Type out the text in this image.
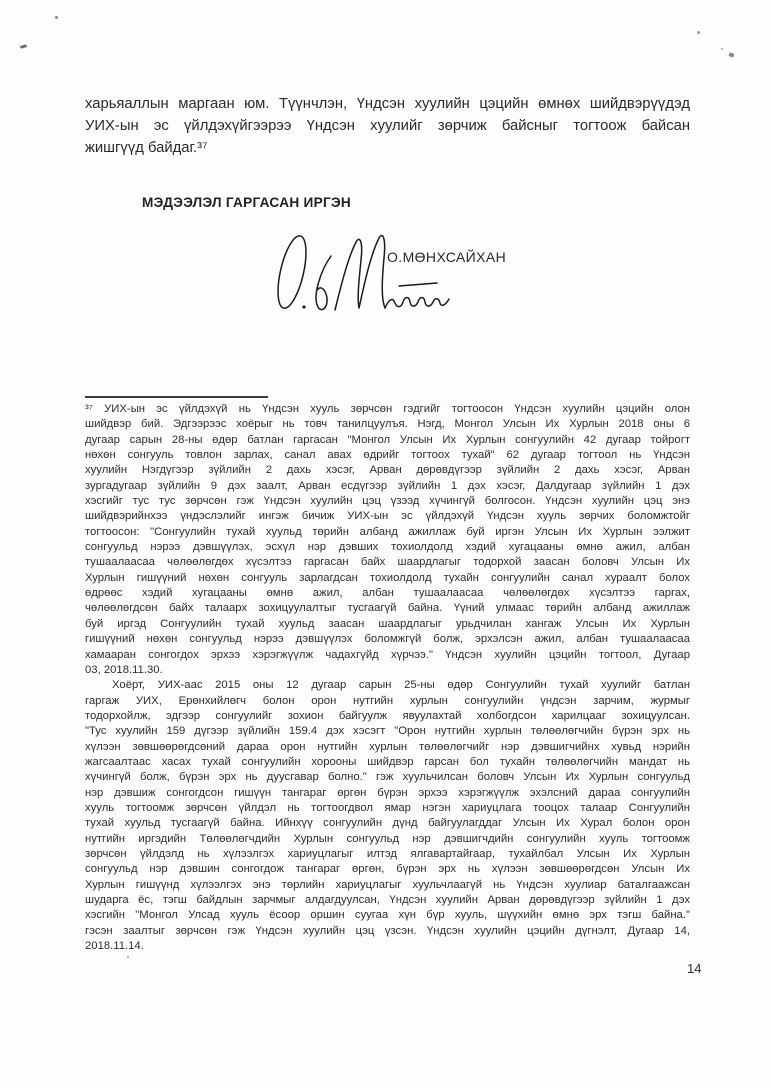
харьяаллын маргаан юм. Түүнчлэн, Үндсэн хуулийн цэцийн өмнөх шийдвэрүүдэд
УИХ-ын эс үйлдэхүйгээрээ Үндсэн хуулийг зөрчиж байсныг тогтоож байсан
жишгүүд байдаг.³⁷
МЭДЭЭЛЭЛ ГАРГАСАН ИРГЭН
О.МӨНХСАЙХАН
³⁷ УИХ-ын эс үйлдэхүй нь Үндсэн хууль зөрчсөн гэдгийг тогтоосон Үндсэн хуулийн цэцийн олон
шийдвэр бий. Эдгээрээс хоёрыг нь товч танилцуулъя. Нэгд, Монгол Улсын Их Хурлын 2018 оны 6
дугаар сарын 28-ны өдөр батлан гаргасан "Монгол Улсын Их Хурлын сонгуулийн 42 дугаар тойрогт
нөхөн сонгууль товлон зарлах, санал авах өдрийг тогтоох тухай" 62 дугаар тогтоол нь Үндсэн
хуулийн Нэгдүгээр зүйлийн 2 дахь хэсэг, Арван дөрөвдүгээр зүйлийн 2 дахь хэсэг, Арван
зургадугаар зүйлийн 9 дэх заалт, Арван есдүгээр зүйлийн 1 дэх хэсэг, Далдугаар зүйлийн 1 дэх
хэсгийг тус тус зөрчсөн гэж Үндсэн хуулийн цэц үзээд хүчингүй болгосон. Үндсэн хуулийн цэц энэ
шийдвэрийнхээ үндэслэлийг ингэж бичиж УИХ-ын эс үйлдэхүй Үндсэн хууль зөрчих боломжтойг
тогтоосон: "Сонгуулийн тухай хуульд төрийн албанд ажиллаж буй иргэн Улсын Их Хурлын ээлжит
сонгуульд нэрээ дэвшүүлэх, эсхүл нэр дэвших тохиолдолд хэдий хугацааны өмнө ажил, албан
тушаалаасаа чөлөөлөгдөх хүсэлтээ гаргасан байх шаардлагыг тодорхой заасан боловч Улсын Их
Хурлын гишүүний нөхөн сонгууль зарлагдсан тохиолдолд тухайн сонгуулийн санал хураалт болох
өдрөөс хэдий хугацааны өмнө ажил, албан тушаалаасаа чөлөөлөгдөх хүсэлтээ гаргах,
чөлөөлөгдсөн байх талаарх зохицуулалтыг тусгаагүй байна. Үүний улмаас төрийн албанд ажиллаж
буй иргэд Сонгуулийн тухай хуульд заасан шаардлагыг урьдчилан хангаж Улсын Их Хурлын
гишүүний нөхөн сонгуульд нэрээ дэвшүүлэх боломжгүй болж, эрхэлсэн ажил, албан тушаалаасаа
хамааран сонгогдох эрхээ хэрэгжүүлж чадахгүйд хүрчээ." Үндсэн хуулийн цэцийн тогтоол, Дугаар
03, 2018.11.30.
Хоёрт, УИХ-аас 2015 оны 12 дугаар сарын 25-ны өдөр Сонгуулийн тухай хуулийг батлан
гаргаж УИХ, Ерөнхийлөгч болон орон нутгийн хурлын сонгуулийн үндсэн зарчим, журмыг
тодорхойлж, эдгээр сонгуулийг зохион байгуулж явуулахтай холбогдсон харилцааг зохицуулсан.
"Тус хуулийн 159 дүгээр зүйлийн 159.4 дэх хэсэгт "Орон нутгийн хурлын төлөөлөгчийн бүрэн эрх нь
хүлээн зөвшөөрөгдсөний дараа орон нутгийн хурлын төлөөлөгчийг нэр дэвшигчийнх хувьд нэрийн
жагсаалтаас хасах тухай сонгуулийн хорооны шийдвэр гарсан бол тухайн төлөөлөгчийн мандат нь
хүчингүй болж, бүрэн эрх нь дуусгавар болно." гэж хуульчилсан боловч Улсын Их Хурлын сонгуульд
нэр дэвшиж сонгогдсон гишүүн тангараг өргөн бүрэн эрхээ хэрэгжүүлж эхэлсний дараа сонгуулийн
хууль тогтоомж зөрчсөн үйлдэл нь тогтоогдвол ямар нэгэн хариуцлага тооцох талаар Сонгуулийн
тухай хуульд тусгаагүй байна. Ийнхүү сонгуулийн дүнд байгуулагддаг Улсын Их Хурал болон орон
нутгийн иргэдийн Төлөөлөгчдийн Хурлын сонгуульд нэр дэвшигчдийн сонгуулийн хууль тогтоомж
зөрчсөн үйлдэлд нь хүлээлгэх хариуцлагыг илтэд ялгавартайгаар, тухайлбал Улсын Их Хурлын
сонгуульд нэр дэвшин сонгогдож тангараг өргөн, бүрэн эрх нь хүлээн зөвшөөрөгдсөн Улсын Их
Хурлын гишүүнд хүлээлгэх энэ төрлийн хариуцлагыг хуульчлаагүй нь Үндсэн хуулиар баталгаажсан
шударга ёс, тэгш байдлын зарчмыг алдагдуулсан, Үндсэн хуулийн Арван дөрөвдүгээр зүйлийн 1 дэх
хэсгийн "Монгол Улсад хууль ёсоор оршин суугаа хүн бүр хууль, шүүхийн өмнө эрх тэгш байна."
гэсэн заалтыг зөрчсөн гэж Үндсэн хуулийн цэц үзсэн. Үндсэн хуулийн цэцийн дүгнэлт, Дугаар 14,
2018.11.14.
14
